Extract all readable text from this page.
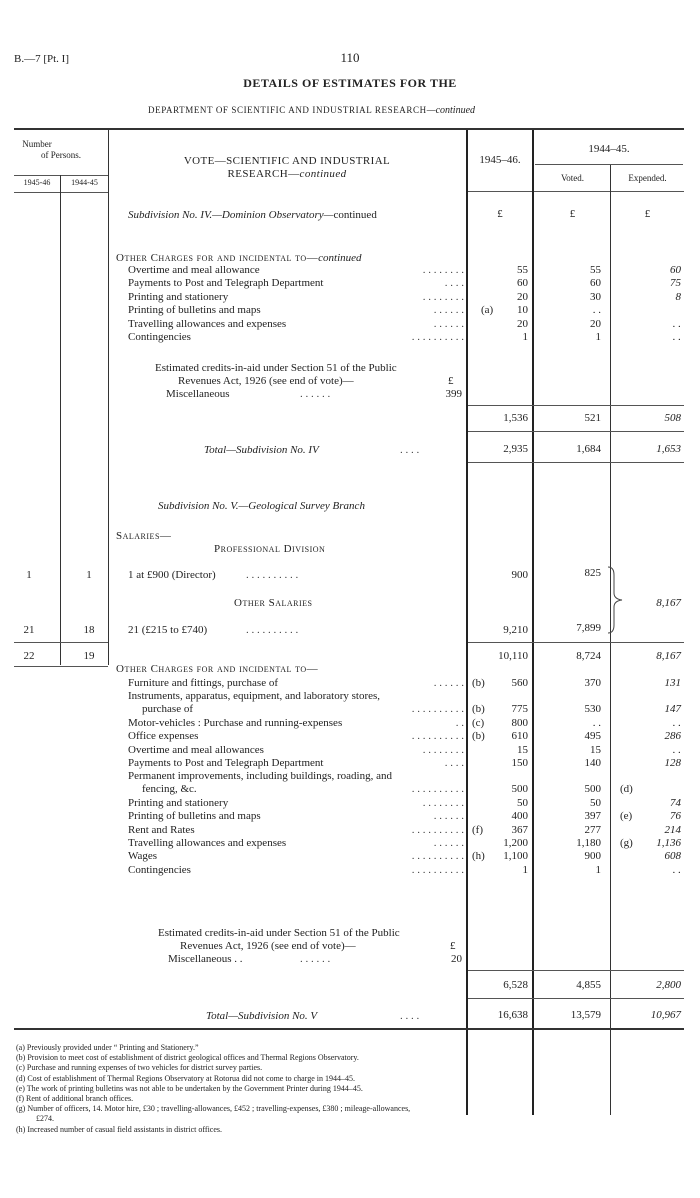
B.—7 [Pt. I]	110
DETAILS OF ESTIMATES FOR THE
DEPARTMENT OF SCIENTIFIC AND INDUSTRIAL RESEARCH—continued
Number
of Persons.
1945-46	1944-45
VOTE—SCIENTIFIC AND INDUSTRIAL
RESEARCH—continued
1945–46.
1944–45.
Voted.	Expended.
Subdivision No. IV.—Dominion Observatory—continued	£	£	£
Other Charges for and incidental to—continued
Overtime and meal allowance	. . . . . . . .	55	55	60
Payments to Post and Telegraph Department	. . . .	60	60	75
Printing and stationery	. . . . . . . .	20	30	8
Printing of bulletins and maps	. . . . . . (a)	10	. .
Travelling allowances and expenses	. . . . . .	20	20	. .
Contingencies	. . . . . . . . . .	1	1	. .
Estimated credits-in-aid under Section 51 of the Public
Revenues Act, 1926 (see end of vote)—	£
Miscellaneous	. . . . . .	399
1,536	521	508
Total—Subdivision No. IV	. . . .	2,935	1,684	1,653
Subdivision No. V.—Geological Survey Branch
Salaries—
Professional Division
1	1	1 at £900 (Director)	. . . . . . . . . .	900	825
Other Salaries	8,167
21	18	21 (£215 to £740)	. . . . . . . . . .	9,210	7,899
22	19	10,110	8,724	8,167
Other Charges for and incidental to—
Furniture and fittings, purchase of	. . . . . . (b)	560	370	131
Instruments, apparatus, equipment, and laboratory stores,
purchase of	. . . . . . . . . . (b)	775	530	147
Motor-vehicles : Purchase and running-expenses	. . (c)	800	. .	. .
Office expenses	. . . . . . . . . . (b)	610	495	286
Overtime and meal allowances	. . . . . . . .	15	15	. .
Payments to Post and Telegraph Department	. . . .	150	140	128
Permanent improvements, including buildings, roading, and
fencing, &c.	. . . . . . . . . .	500	500 (d)
Printing and stationery	. . . . . . . .	50	50	74
Printing of bulletins and maps	. . . . . .	400	397 (e)	76
Rent and Rates	. . . . . . . . . . (f)	367	277	214
Travelling allowances and expenses	. . . . . .	1,200	1,180 (g)	1,136
Wages	. . . . . . . . . . (h)	1,100	900	608
Contingencies	. . . . . . . . . .	1	1	. .
Estimated credits-in-aid under Section 51 of the Public
Revenues Act, 1926 (see end of vote)—	£
Miscellaneous . .	. . . . . .	20
6,528	4,855	2,800
Total—Subdivision No. V	. . . .	16,638	13,579	10,967
(a) Previously provided under “ Printing and Stationery.”
(b) Provision to meet cost of establishment of district geological offices and Thermal Regions Observatory.
(c) Purchase and running expenses of two vehicles for district survey parties.
(d) Cost of establishment of Thermal Regions Observatory at Rotorua did not come to charge in 1944–45.
(e) The work of printing bulletins was not able to be undertaken by the Government Printer during 1944–45.
(f) Rent of additional branch offices.
(g) Number of officers, 14. Motor hire, £30 ; travelling-allowances, £452 ; travelling-expenses, £380 ; mileage-allowances,
£274.
(h) Increased number of casual field assistants in district offices.
